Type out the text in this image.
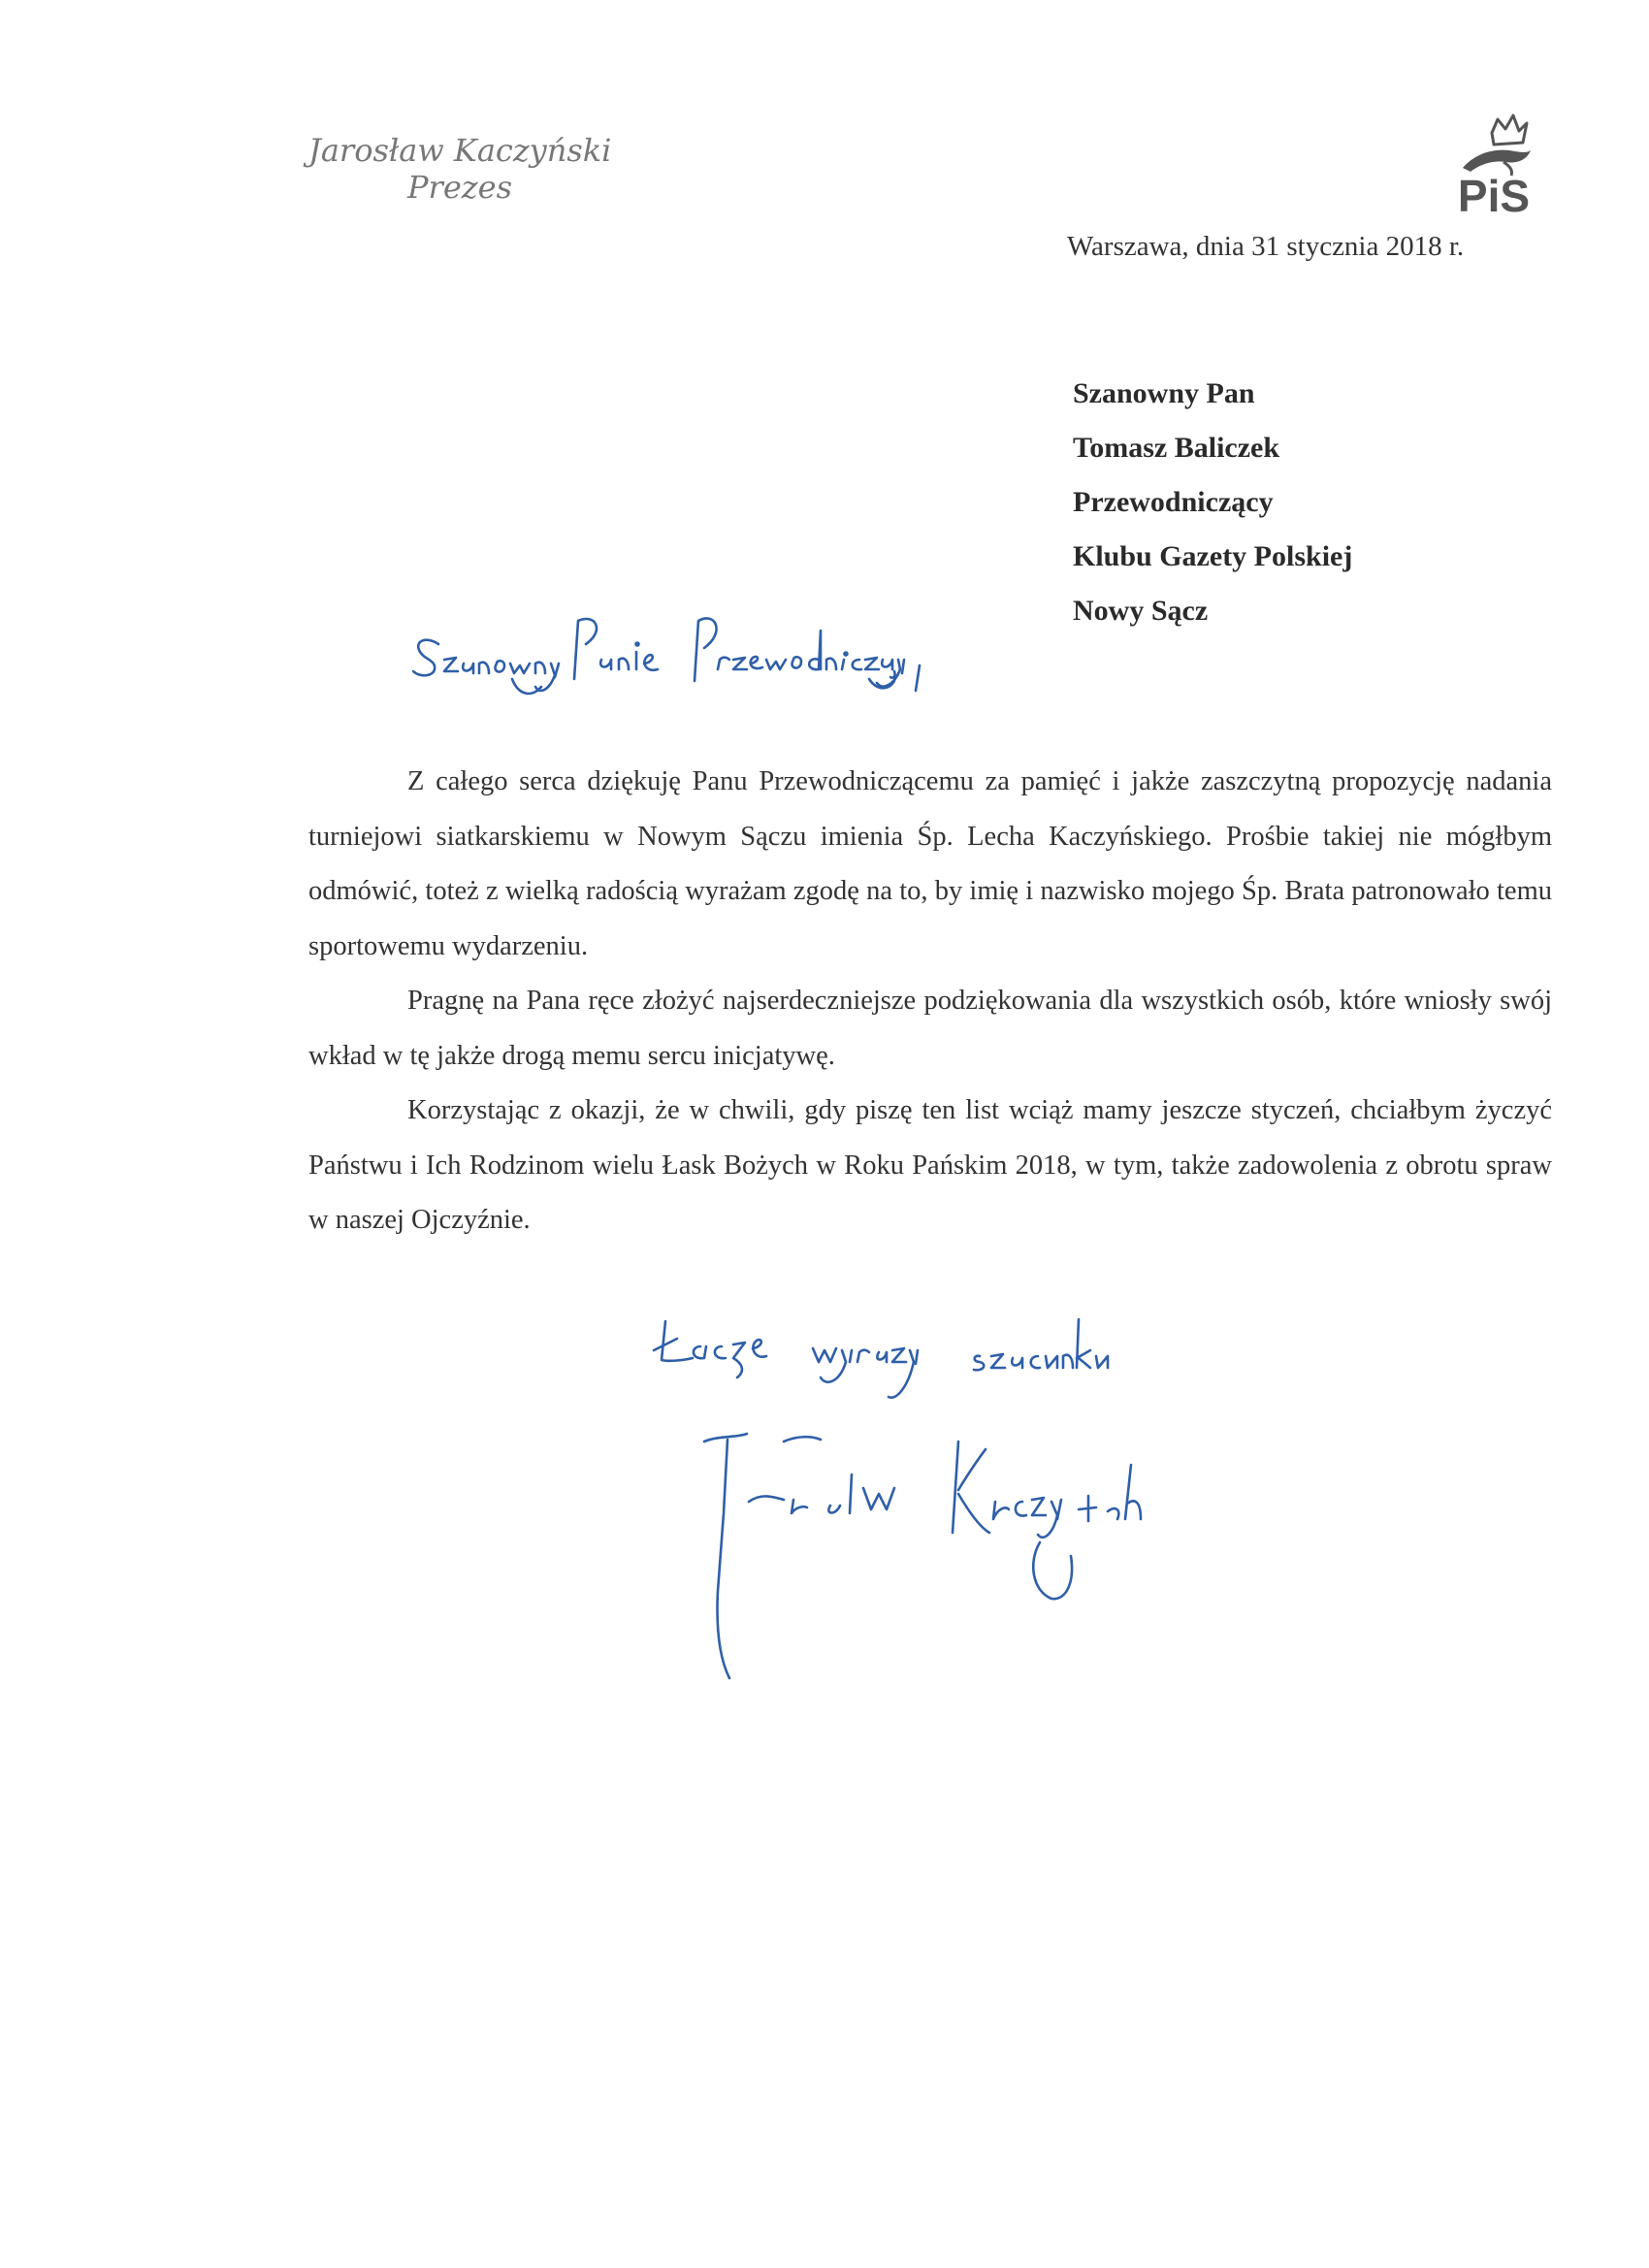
Jarosław Kaczyński
Prezes	PiS
Warszawa, dnia 31 stycznia 2018 r.
Szanowny Pan
Tomasz Baliczek
Przewodniczący
Klubu Gazety Polskiej
Nowy Sącz

Z całego serca dziękuję Panu Przewodniczącemu za pamięć i jakże zaszczytną propozycję nadania turniejowi siatkarskiemu w Nowym Sączu imienia Śp. Lecha Kaczyńskiego. Prośbie takiej nie mógłbym odmówić, toteż z wielką radością wyrażam zgodę na to, by imię i nazwisko mojego Śp. Brata patronowało temu sportowemu wydarzeniu.

Pragnę na Pana ręce złożyć najserdeczniejsze podziękowania dla wszystkich osób, które wniosły swój wkład w tę jakże drogą memu sercu inicjatywę.

Korzystając z okazji, że w chwili, gdy piszę ten list wciąż mamy jeszcze styczeń, chciałbym życzyć Państwu i Ich Rodzinom wielu Łask Bożych w Roku Pańskim 2018, w tym, także zadowolenia z obrotu spraw w naszej Ojczyźnie.
